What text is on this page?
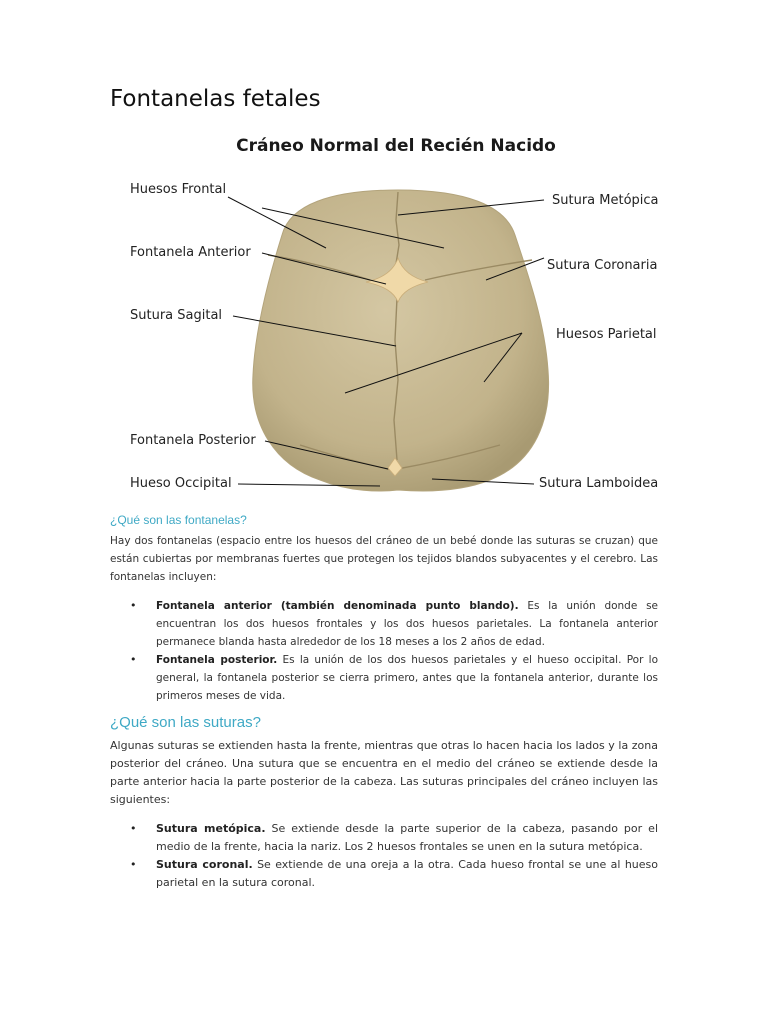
Fontanelas fetales
Cráneo Normal del Recién Nacido
Huesos Frontal
Fontanela Anterior
Sutura Sagital
Fontanela Posterior
Hueso Occipital
Sutura Metópica
Sutura Coronaria
Huesos Parietal
Sutura Lamboidea
¿Qué son las fontanelas?

Hay dos fontanelas (espacio entre los huesos del cráneo de un bebé donde las suturas se cruzan) que están cubiertas por membranas fuertes que protegen los tejidos blandos subyacentes y el cerebro. Las fontanelas incluyen:

• Fontanela anterior (también denominada punto blando). Es la unión donde se encuentran los dos huesos frontales y los dos huesos parietales. La fontanela anterior permanece blanda hasta alrededor de los 18 meses a los 2 años de edad.
• Fontanela posterior. Es la unión de los dos huesos parietales y el hueso occipital. Por lo general, la fontanela posterior se cierra primero, antes que la fontanela anterior, durante los primeros meses de vida.
¿Qué son las suturas?

Algunas suturas se extienden hasta la frente, mientras que otras lo hacen hacia los lados y la zona posterior del cráneo. Una sutura que se encuentra en el medio del cráneo se extiende desde la parte anterior hacia la parte posterior de la cabeza. Las suturas principales del cráneo incluyen las siguientes:

• Sutura metópica. Se extiende desde la parte superior de la cabeza, pasando por el medio de la frente, hacia la nariz. Los 2 huesos frontales se unen en la sutura metópica.
• Sutura coronal. Se extiende de una oreja a la otra. Cada hueso frontal se une al hueso parietal en la sutura coronal.
